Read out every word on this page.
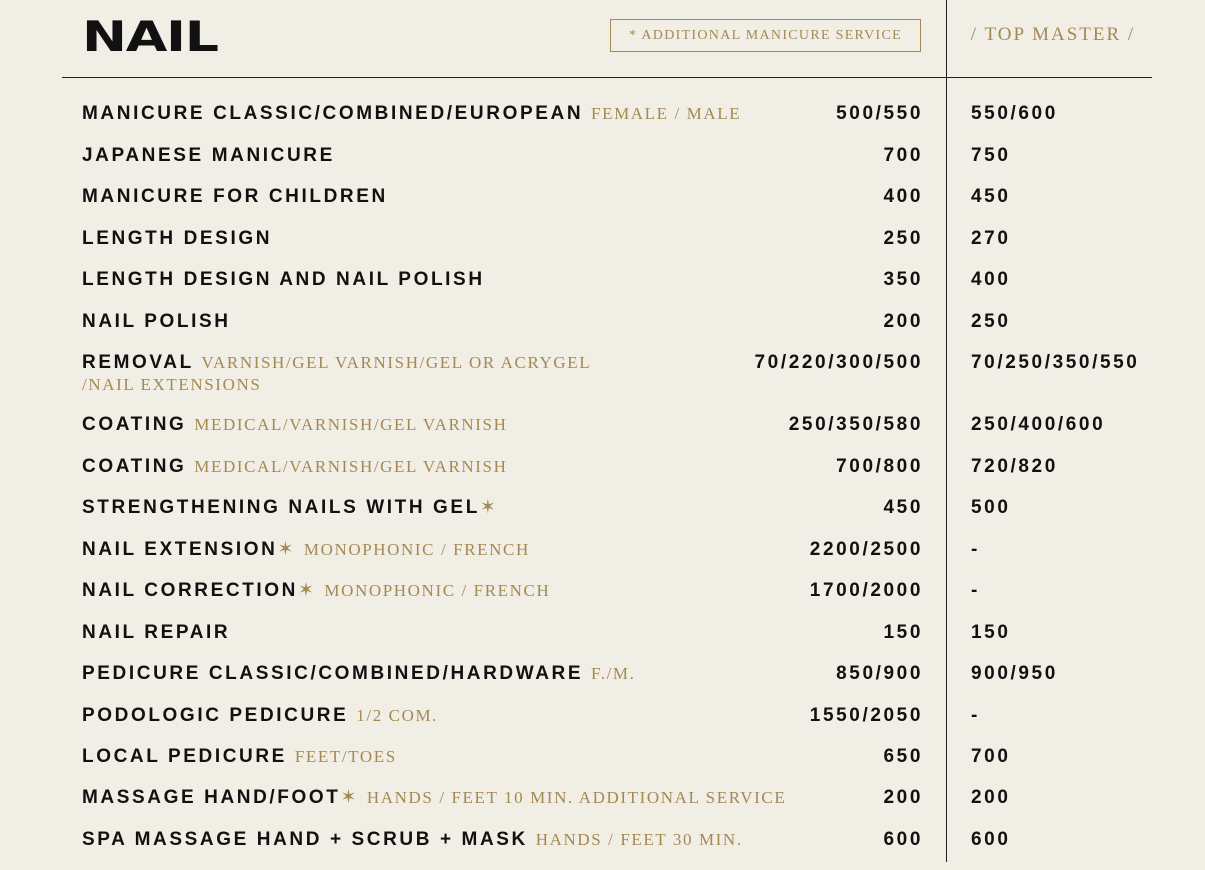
NAIL	* ADDITIONAL MANICURE SERVICE	/ TOP MASTER /
MANICURE CLASSIC/COMBINED/EUROPEAN FEMALE / MALE	500/550	550/600
JAPANESE MANICURE	700	750
MANICURE FOR CHILDREN	400	450
LENGTH DESIGN	250	270
LENGTH DESIGN AND NAIL POLISH	350	400
NAIL POLISH	200	250
REMOVAL VARNISH/GEL VARNISH/GEL OR ACRYGEL
/NAIL EXTENSIONS
70/220/300/500	70/250/350/550
COATING MEDICAL/VARNISH/GEL VARNISH	250/350/580	250/400/600
COATING MEDICAL/VARNISH/GEL VARNISH	700/800	720/820
STRENGTHENING NAILS WITH GEL✶	450	500
NAIL EXTENSION✶ MONOPHONIC / FRENCH	2200/2500	-
NAIL CORRECTION✶ MONOPHONIC / FRENCH	1700/2000	-
NAIL REPAIR	150	150
PEDICURE CLASSIC/COMBINED/HARDWARE F./M.	850/900	900/950
PODOLOGIC PEDICURE 1/2 COM.	1550/2050	-
LOCAL PEDICURE FEET/TOES	650	700
MASSAGE HAND/FOOT✶ HANDS / FEET 10 MIN. ADDITIONAL SERVICE	200	200
SPA MASSAGE HAND + SCRUB + MASK HANDS / FEET 30 MIN.	600	600
